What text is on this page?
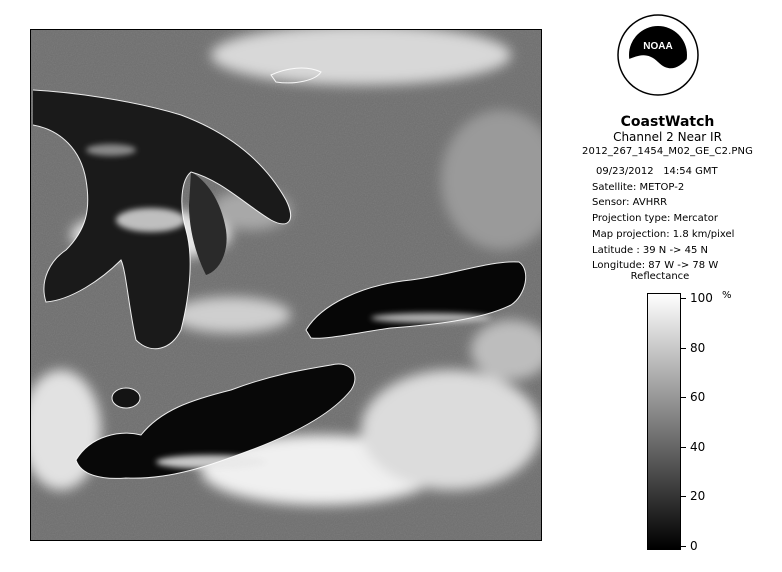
NOAA
CoastWatch
Channel 2 Near IR
2012_267_1454_M02_GE_C2.PNG
09/23/2012 14:54 GMT
Satellite: METOP-2
Sensor: AVHRR
Projection type: Mercator
Map projection: 1.8 km/pixel
Latitude : 39 N -> 45 N
Longitude: 87 W -> 78 W
Reflectance
%
100
80
60
40
20
0
